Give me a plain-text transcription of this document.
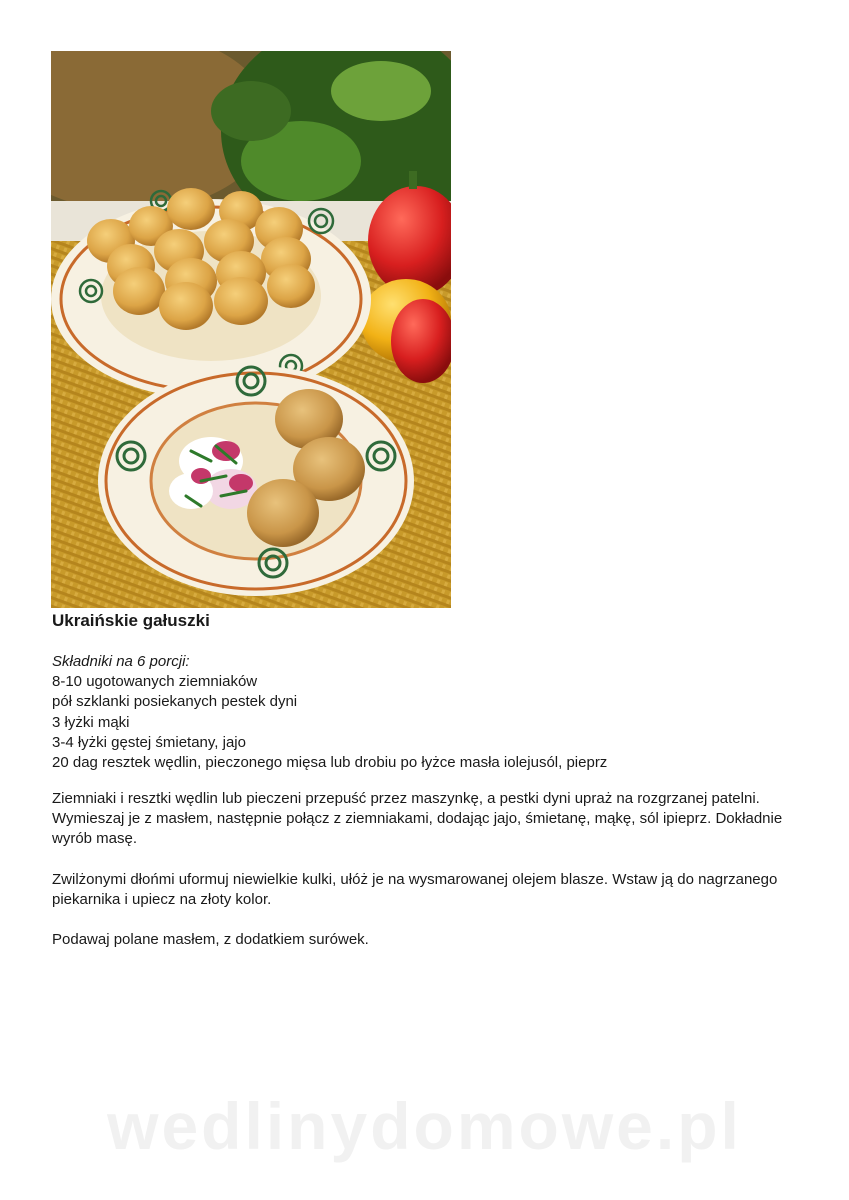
Ukraińskie gałuszki
Składniki na 6 porcji:
8-10 ugotowanych ziemniaków
pół szklanki posiekanych pestek dyni
3 łyżki mąki
3-4 łyżki gęstej śmietany, jajo
20 dag resztek wędlin, pieczonego mięsa lub drobiu po łyżce masła iolejusól, pieprz

Ziemniaki i resztki wędlin lub pieczeni przepuść przez maszynkę, a pestki dyni upraż na rozgrzanej patelni. Wymieszaj je z masłem, następnie połącz z ziemniakami, dodając jajo, śmietanę, mąkę, sól ipieprz. Dokładnie wyrób masę.

Zwilżonymi dłońmi uformuj niewielkie kulki, ułóż je na wysmarowanej olejem blasze. Wstaw ją do nagrzanego piekarnika i upiecz na złoty kolor.

Podawaj polane masłem, z dodatkiem surówek.

wedlinydomowe.pl
